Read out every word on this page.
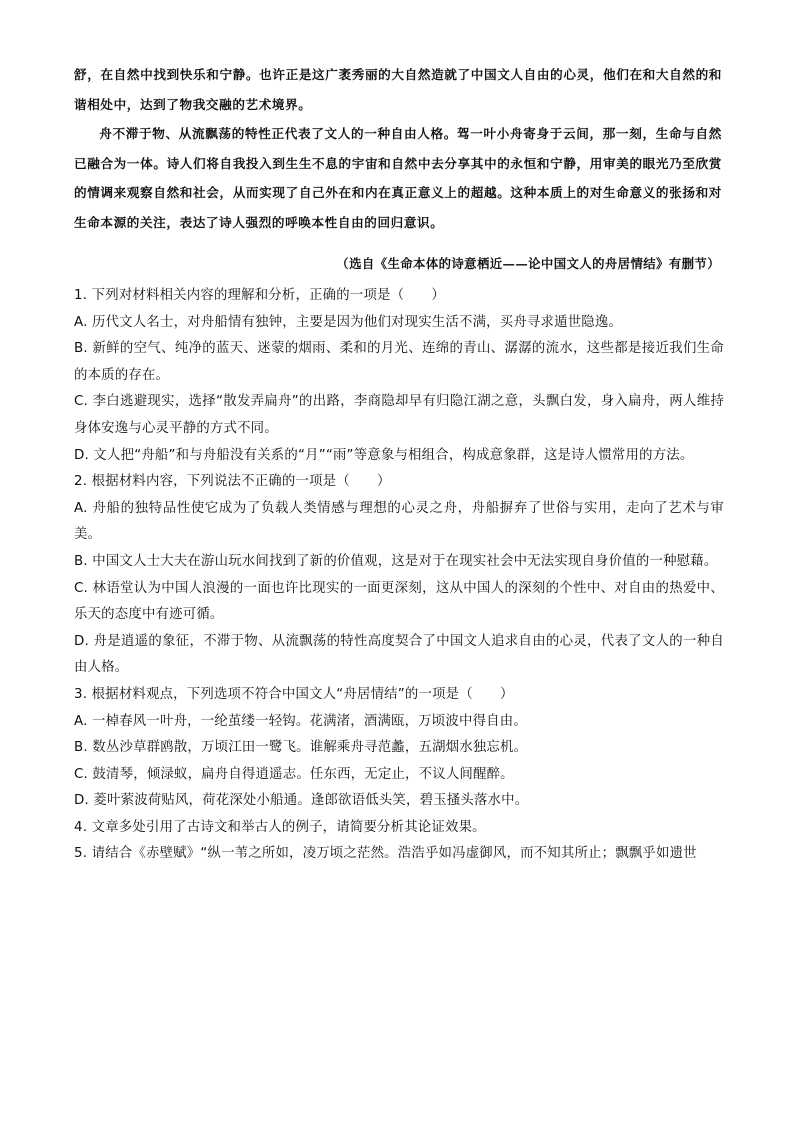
舒，在自然中找到快乐和宁静。也许正是这广袤秀丽的大自然造就了中国文人自由的心灵，他们在和大自然的和谐相处中，达到了物我交融的艺术境界。

舟不滞于物、从流飘荡的特性正代表了文人的一种自由人格。驾一叶小舟寄身于云间，那一刻，生命与自然已融合为一体。诗人们将自我投入到生生不息的宇宙和自然中去分享其中的永恒和宁静，用审美的眼光乃至欣赏的情调来观察自然和社会，从而实现了自己外在和内在真正意义上的超越。这种本质上的对生命意义的张扬和对生命本源的关注，表达了诗人强烈的呼唤本性自由的回归意识。

（选自《生命本体的诗意栖近——论中国文人的舟居情结》有删节）

1. 下列对材料相关内容的理解和分析，正确的一项是（　　）

A. 历代文人名士，对舟船情有独钟，主要是因为他们对现实生活不满，买舟寻求遁世隐逸。

B. 新鲜的空气、纯净的蓝天、迷蒙的烟雨、柔和的月光、连绵的青山、潺潺的流水，这些都是接近我们生命的本质的存在。

C. 李白逃避现实，选择“散发弄扁舟”的出路，李商隐却早有归隐江湖之意，头飘白发，身入扁舟，两人维持身体安逸与心灵平静的方式不同。

D. 文人把“舟船”和与舟船没有关系的“月”“雨”等意象与相组合，构成意象群，这是诗人惯常用的方法。

2. 根据材料内容，下列说法不正确的一项是（　　）

A. 舟船的独特品性使它成为了负载人类情感与理想的心灵之舟，舟船摒弃了世俗与实用，走向了艺术与审美。

B. 中国文人士大夫在游山玩水间找到了新的价值观，这是对于在现实社会中无法实现自身价值的一种慰藉。

C. 林语堂认为中国人浪漫的一面也许比现实的一面更深刻，这从中国人的深刻的个性中、对自由的热爱中、乐天的态度中有迹可循。

D. 舟是逍遥的象征，不滞于物、从流飘荡的特性高度契合了中国文人追求自由的心灵，代表了文人的一种自由人格。

3. 根据材料观点，下列选项不符合中国文人“舟居情结”的一项是（　　）

A. 一棹春风一叶舟，一纶茧缕一轻钩。花满渚，酒满瓯，万顷波中得自由。

B. 数丛沙草群鸥散，万顷江田一鹭飞。谁解乘舟寻范蠡，五湖烟水独忘机。

C. 鼓清琴，倾渌蚁，扁舟自得逍遥志。任东西，无定止，不议人间醒醉。

D. 菱叶萦波荷贴风，荷花深处小船通。逢郎欲语低头笑，碧玉搔头落水中。

4. 文章多处引用了古诗文和举古人的例子，请简要分析其论证效果。

5. 请结合《赤壁赋》“纵一苇之所如，凌万顷之茫然。浩浩乎如冯虚御风，而不知其所止；飘飘乎如遗世
